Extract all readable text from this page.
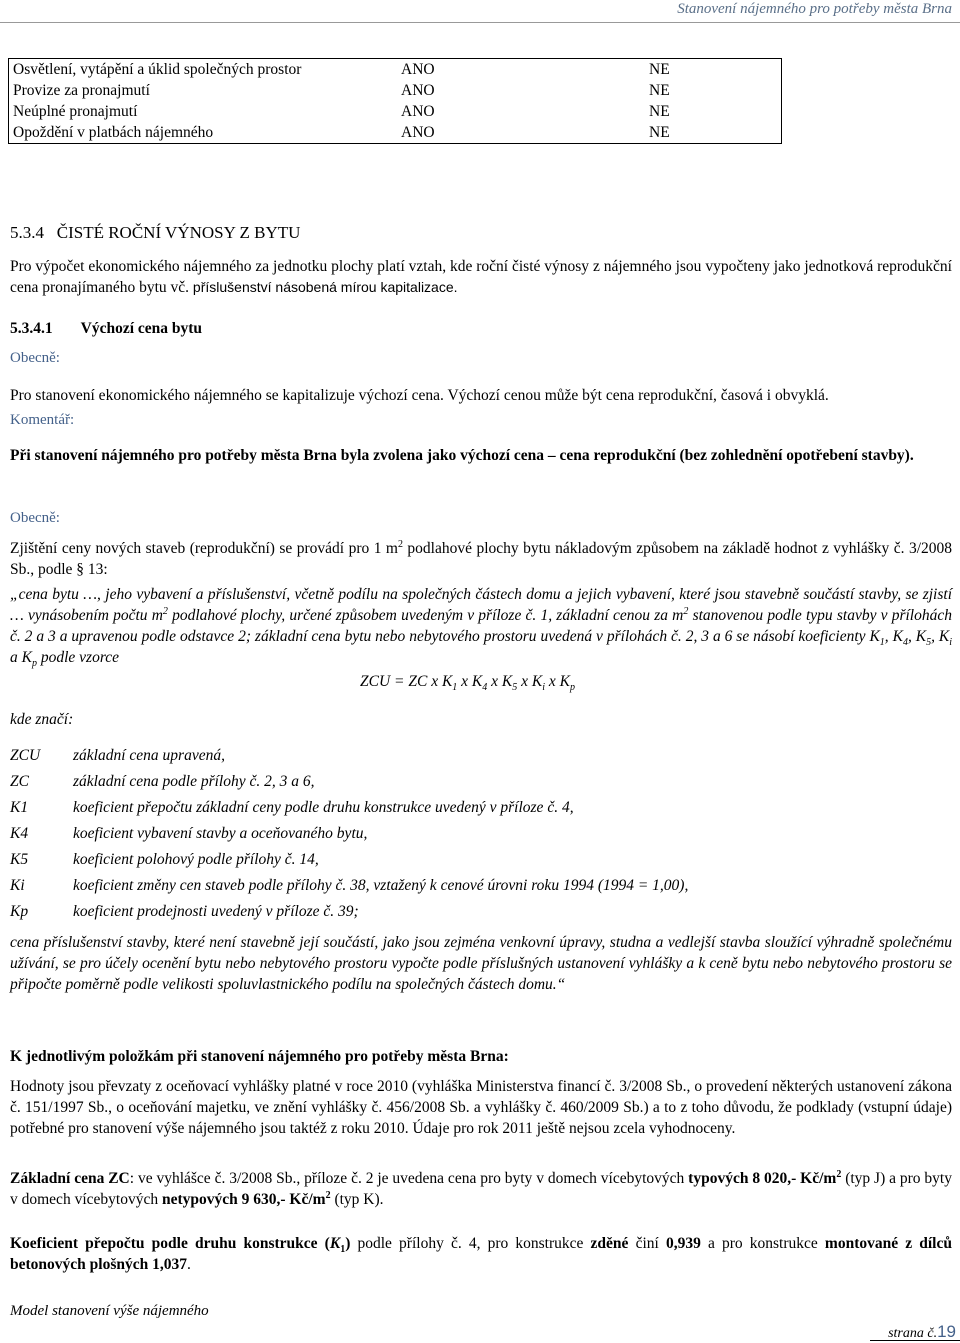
Stanovení nájemného pro potřeby města Brna
Osvětlení, vytápění a úklid společných prostor	ANO	NE
Provize za pronajmutí	ANO	NE
Neúplné pronajmutí	ANO	NE
Opoždění v platbách nájemného	ANO	NE
5.3.4   ČISTÉ ROČNÍ VÝNOSY Z BYTU
Pro výpočet ekonomického nájemného za jednotku plochy platí vztah, kde roční čisté výnosy z nájemného jsou vypočteny jako jednotková reprodukční cena pronajímaného bytu vč. příslušenství násobená mírou kapitalizace.
5.3.4.1 Výchozí cena bytu
Obecně:
Pro stanovení ekonomického nájemného se kapitalizuje výchozí cena. Výchozí cenou může být cena reprodukční, časová i obvyklá.
Komentář:
Při stanovení nájemného pro potřeby města Brna byla zvolena jako výchozí cena – cena reprodukční (bez zohlednění opotřebení stavby).
Obecně:
Zjištění ceny nových staveb (reprodukční) se provádí pro 1 $m^2$ podlahové plochy bytu nákladovým způsobem na základě hodnot z vyhlášky č. 3/2008 Sb., podle § 13:
„cena bytu …, jeho vybavení a příslušenství, včetně podílu na společných částech domu a jejich vybavení, které jsou stavebně součástí stavby, se zjistí … vynásobením počtu $m^2$ podlahové plochy, určené způsobem uvedeným v příloze č. 1, základní cenou za $m^2$ stanovenou podle typu stavby v přílohách č. 2 a 3 a upravenou podle odstavce 2; základní cena bytu nebo nebytového prostoru uvedená v přílohách č. 2, 3 a 6 se násobí koeficienty $K_1$, $K_4$, $K_5$, $K_i$ a $K_p$ podle vzorce
ZCU = ZC x $K_1$ x $K_4$ x $K_5$ x $K_i$ x $K_p$
kde značí:
ZCU základní cena upravená,
ZC	základní cena podle přílohy č. 2, 3 a 6,
K1	koeficient přepočtu základní ceny podle druhu konstrukce uvedený v příloze č. 4,
K4	koeficient vybavení stavby a oceňovaného bytu,
K5	koeficient polohový podle přílohy č. 14,
Ki	koeficient změny cen staveb podle přílohy č. 38, vztažený k cenové úrovni roku 1994 (1994 = 1,00),
Kp	koeficient prodejnosti uvedený v příloze č. 39;
cena příslušenství stavby, které není stavebně její součástí, jako jsou zejména venkovní úpravy, studna a vedlejší stavba sloužící výhradně společnému užívání, se pro účely ocenění bytu nebo nebytového prostoru vypočte podle příslušných ustanovení vyhlášky a k ceně bytu nebo nebytového prostoru se připočte poměrně podle velikosti spoluvlastnického podílu na společných částech domu.“
K jednotlivým položkám při stanovení nájemného pro potřeby města Brna:
Hodnoty jsou převzaty z oceňovací vyhlášky platné v roce 2010 (vyhláška Ministerstva financí č. 3/2008 Sb., o provedení některých ustanovení zákona č. 151/1997 Sb., o oceňování majetku, ve znění vyhlášky č. 456/2008 Sb. a vyhlášky č. 460/2009 Sb.) a to z toho důvodu, že podklady (vstupní údaje) potřebné pro stanovení výše nájemného jsou taktéž z roku 2010. Údaje pro rok 2011 ještě nejsou zcela vyhodnoceny.
Základní cena ZC: ve vyhlášce č. 3/2008 Sb., příloze č. 2 je uvedena cena pro byty v domech vícebytových typových 8 020,- $Kč/m^2$ (typ J) a pro byty v domech vícebytových netypových 9 630,- $Kč/m^2$ (typ K).
Koeficient přepočtu podle druhu konstrukce $(K_1)$ podle přílohy č. 4, pro konstrukce zděné činí 0,939 a pro konstrukce montované z dílců betonových plošných 1,037.
Model stanovení výše nájemného
strana č.19
